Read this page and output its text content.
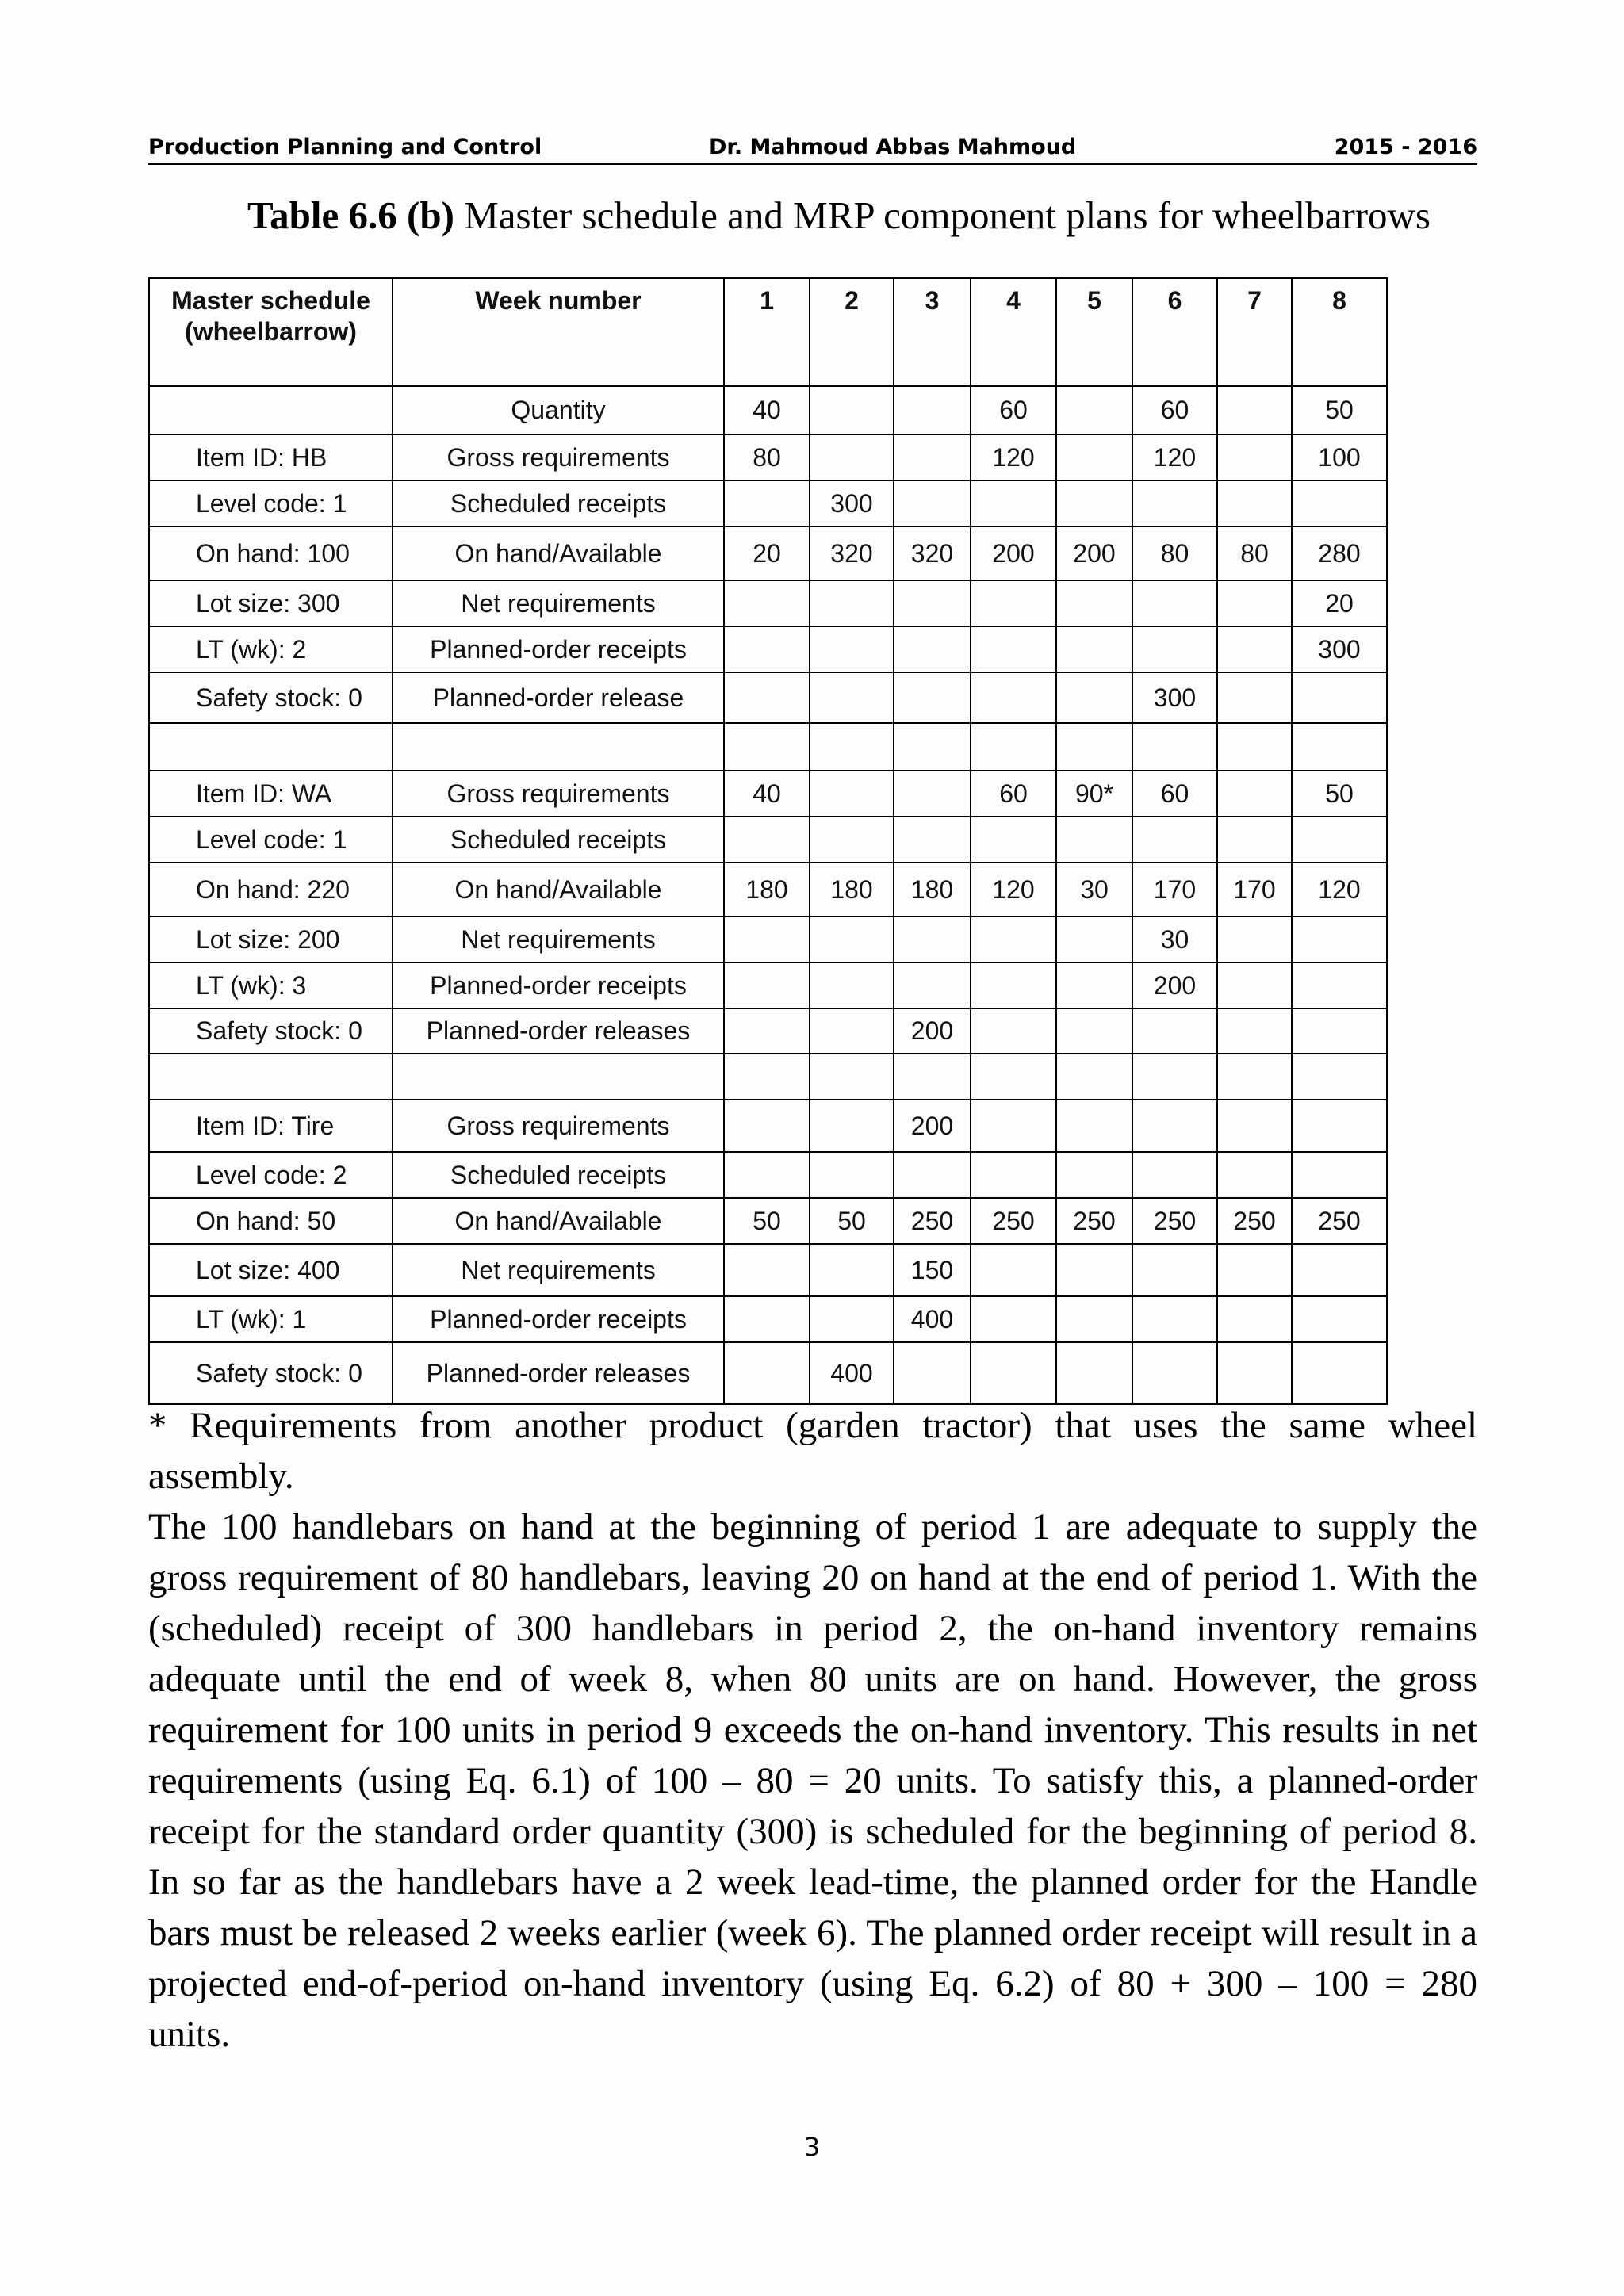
Production Planning and Control	Dr. Mahmoud Abbas Mahmoud	2015 - 2016
Table 6.6 (b) Master schedule and MRP component plans for wheelbarrows
Master schedule (wheelbarrow)	Week number	1	2	3	4	5	6	7	8
	Quantity	40			60		60		50
Item ID: HB	Gross requirements	80			120		120		100
Level code: 1	Scheduled receipts		300						
On hand: 100	On hand/Available	20	320	320	200	200	80	80	280
Lot size: 300	Net requirements								20
LT (wk): 2	Planned-order receipts								300
Safety stock: 0	Planned-order release						300		

Item ID: WA	Gross requirements	40			60	90*	60		50
Level code: 1	Scheduled receipts								
On hand: 220	On hand/Available	180	180	180	120	30	170	170	120
Lot size: 200	Net requirements						30		
LT (wk): 3	Planned-order receipts						200		
Safety stock: 0	Planned-order releases			200					

Item ID: Tire	Gross requirements			200					
Level code: 2	Scheduled receipts								
On hand: 50	On hand/Available	50	50	250	250	250	250	250	250
Lot size: 400	Net requirements			150					
LT (wk): 1	Planned-order receipts			400					
Safety stock: 0	Planned-order releases		400						
* Requirements from another product (garden tractor) that uses the same wheel assembly.
The 100 handlebars on hand at the beginning of period 1 are adequate to supply the gross requirement of 80 handlebars, leaving 20 on hand at the end of period 1. With the (scheduled) receipt of 300 handlebars in period 2, the on-hand inventory remains adequate until the end of week 8, when 80 units are on hand. However, the gross requirement for 100 units in period 9 exceeds the on-hand inventory. This results in net requirements (using Eq. 6.1) of 100 – 80 = 20 units. To satisfy this, a planned-order receipt for the standard order quantity (300) is scheduled for the beginning of period 8. In so far as the handlebars have a 2 week lead-time, the planned order for the Handle bars must be released 2 weeks earlier (week 6). The planned order receipt will result in a projected end-of-period on-hand inventory (using Eq. 6.2) of 80 + 300 – 100 = 280 units.
3
